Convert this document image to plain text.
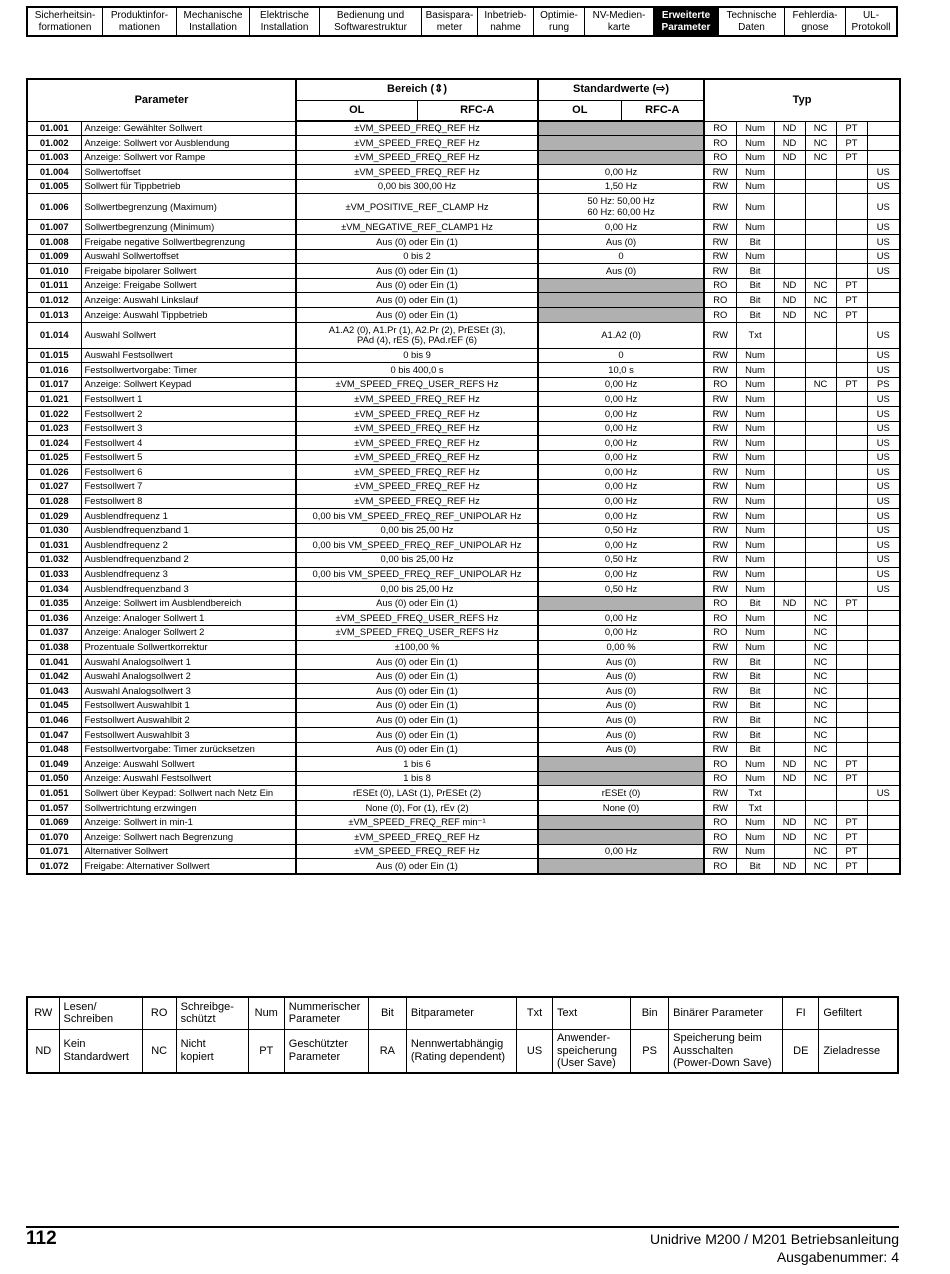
Sicherheitsin-
formationen
Produktinfor-
mationen
Mechanische
Installation
Elektrische
Installation
Bedienung und
Softwarestruktur
Basispara-
meter
Inbetrieb-
nahme
Optimie-
rung
NV-Medien-
karte
Erweiterte
Parameter
Technische
Daten
Fehlerdia-
gnose
UL-
Protokoll
Parameter		Bereich (⇕)		Standardwerte (⇨)		Typ					
		OL	RFC-A	OL	RFC-A						
01.001	Anzeige: Gewählter Sollwert	±VM_SPEED_FREQ_REF Hz				RO	Num	ND	NC	PT	
01.002	Anzeige: Sollwert vor Ausblendung	±VM_SPEED_FREQ_REF Hz				RO	Num	ND	NC	PT	
01.003	Anzeige: Sollwert vor Rampe	±VM_SPEED_FREQ_REF Hz				RO	Num	ND	NC	PT	
01.004	Sollwertoffset	±VM_SPEED_FREQ_REF Hz		0,00 Hz		RW	Num				US
01.005	Sollwert für Tippbetrieb	0,00 bis 300,00 Hz		1,50 Hz		RW	Num				US
01.006	Sollwertbegrenzung (Maximum)	±VM_POSITIVE_REF_CLAMP Hz		50 Hz: 50,00 Hz
60 Hz: 60,00 Hz		RW	Num				US
01.007	Sollwertbegrenzung (Minimum)	±VM_NEGATIVE_REF_CLAMP1 Hz		0,00 Hz		RW	Num				US
01.008	Freigabe negative Sollwertbegrenzung	Aus (0) oder Ein (1)		Aus (0)		RW	Bit				US
01.009	Auswahl Sollwertoffset	0 bis 2		0		RW	Num				US
01.010	Freigabe bipolarer Sollwert	Aus (0) oder Ein (1)		Aus (0)		RW	Bit				US
01.011	Anzeige: Freigabe Sollwert	Aus (0) oder Ein (1)				RO	Bit	ND	NC	PT	
01.012	Anzeige: Auswahl Linkslauf	Aus (0) oder Ein (1)				RO	Bit	ND	NC	PT	
01.013	Anzeige: Auswahl Tippbetrieb	Aus (0) oder Ein (1)				RO	Bit	ND	NC	PT	
01.014	Auswahl Sollwert	A1.A2 (0), A1.Pr (1), A2.Pr (2), PrESEt (3),
PAd (4), rES (5), PAd.rEF (6)		A1.A2 (0)		RW	Txt				US
01.015	Auswahl Festsollwert	0 bis 9		0		RW	Num				US
01.016	Festsollwertvorgabe: Timer	0 bis 400,0 s		10,0 s		RW	Num				US
01.017	Anzeige: Sollwert Keypad	±VM_SPEED_FREQ_USER_REFS Hz		0,00 Hz		RO	Num		NC	PT	PS
01.021	Festsollwert 1	±VM_SPEED_FREQ_REF Hz		0,00 Hz		RW	Num				US
01.022	Festsollwert 2	±VM_SPEED_FREQ_REF Hz		0,00 Hz		RW	Num				US
01.023	Festsollwert 3	±VM_SPEED_FREQ_REF Hz		0,00 Hz		RW	Num				US
01.024	Festsollwert 4	±VM_SPEED_FREQ_REF Hz		0,00 Hz		RW	Num				US
01.025	Festsollwert 5	±VM_SPEED_FREQ_REF Hz		0,00 Hz		RW	Num				US
01.026	Festsollwert 6	±VM_SPEED_FREQ_REF Hz		0,00 Hz		RW	Num				US
01.027	Festsollwert 7	±VM_SPEED_FREQ_REF Hz		0,00 Hz		RW	Num				US
01.028	Festsollwert 8	±VM_SPEED_FREQ_REF Hz		0,00 Hz		RW	Num				US
01.029	Ausblendfrequenz 1	0,00 bis VM_SPEED_FREQ_REF_UNIPOLAR Hz		0,00 Hz		RW	Num				US
01.030	Ausblendfrequenzband 1	0,00 bis 25,00 Hz		0,50 Hz		RW	Num				US
01.031	Ausblendfrequenz 2	0,00 bis VM_SPEED_FREQ_REF_UNIPOLAR Hz		0,00 Hz		RW	Num				US
01.032	Ausblendfrequenzband 2	0,00 bis 25,00 Hz		0,50 Hz		RW	Num				US
01.033	Ausblendfrequenz 3	0,00 bis VM_SPEED_FREQ_REF_UNIPOLAR Hz		0,00 Hz		RW	Num				US
01.034	Ausblendfrequenzband 3	0,00 bis 25,00 Hz		0,50 Hz		RW	Num				US
01.035	Anzeige: Sollwert im Ausblendbereich	Aus (0) oder Ein (1)				RO	Bit	ND	NC	PT	
01.036	Anzeige: Analoger Sollwert 1	±VM_SPEED_FREQ_USER_REFS Hz		0,00 Hz		RO	Num		NC		
01.037	Anzeige: Analoger Sollwert 2	±VM_SPEED_FREQ_USER_REFS Hz		0,00 Hz		RO	Num		NC		
01.038	Prozentuale Sollwertkorrektur	±100,00 %		0,00 %		RW	Num		NC		
01.041	Auswahl Analogsollwert 1	Aus (0) oder Ein (1)		Aus (0)		RW	Bit		NC		
01.042	Auswahl Analogsollwert 2	Aus (0) oder Ein (1)		Aus (0)		RW	Bit		NC		
01.043	Auswahl Analogsollwert 3	Aus (0) oder Ein (1)		Aus (0)		RW	Bit		NC		
01.045	Festsollwert Auswahlbit 1	Aus (0) oder Ein (1)		Aus (0)		RW	Bit		NC		
01.046	Festsollwert Auswahlbit 2	Aus (0) oder Ein (1)		Aus (0)		RW	Bit		NC		
01.047	Festsollwert Auswahlbit 3	Aus (0) oder Ein (1)		Aus (0)		RW	Bit		NC		
01.048	Festsollwertvorgabe: Timer zurücksetzen	Aus (0) oder Ein (1)		Aus (0)		RW	Bit		NC		
01.049	Anzeige: Auswahl Sollwert	1 bis 6				RO	Num	ND	NC	PT	
01.050	Anzeige: Auswahl Festsollwert	1 bis 8				RO	Num	ND	NC	PT	
01.051	Sollwert über Keypad: Sollwert nach Netz Ein	rESEt (0), LASt (1), PrESEt (2)		rESEt (0)		RW	Txt				US
01.057	Sollwertrichtung erzwingen	None (0), For (1), rEv (2)		None (0)		RW	Txt				
01.069	Anzeige: Sollwert in min-1	±VM_SPEED_FREQ_REF min⁻¹				RO	Num	ND	NC	PT	
01.070	Anzeige: Sollwert nach Begrenzung	±VM_SPEED_FREQ_REF Hz				RO	Num	ND	NC	PT	
01.071	Alternativer Sollwert	±VM_SPEED_FREQ_REF Hz		0,00 Hz		RW	Num		NC	PT	
01.072	Freigabe: Alternativer Sollwert	Aus (0) oder Ein (1)				RO	Bit	ND	NC	PT	
RW	Lesen/
Schreiben	RO	Schreibge-
schützt	Num	Nummerischer
Parameter	Bit	Bitparameter	Txt	Text	Bin	Binärer Parameter	FI	Gefiltert
ND	Kein
Standardwert	NC	Nicht
kopiert	PT	Geschützter
Parameter	RA	Nennwertabhängig
(Rating dependent)	US	Anwender-
speicherung
(User Save)	PS	Speicherung beim
Ausschalten
(Power-Down Save)	DE	Zieladresse
112	Unidrive M200 / M201 Betriebsanleitung
Ausgabenummer: 4
